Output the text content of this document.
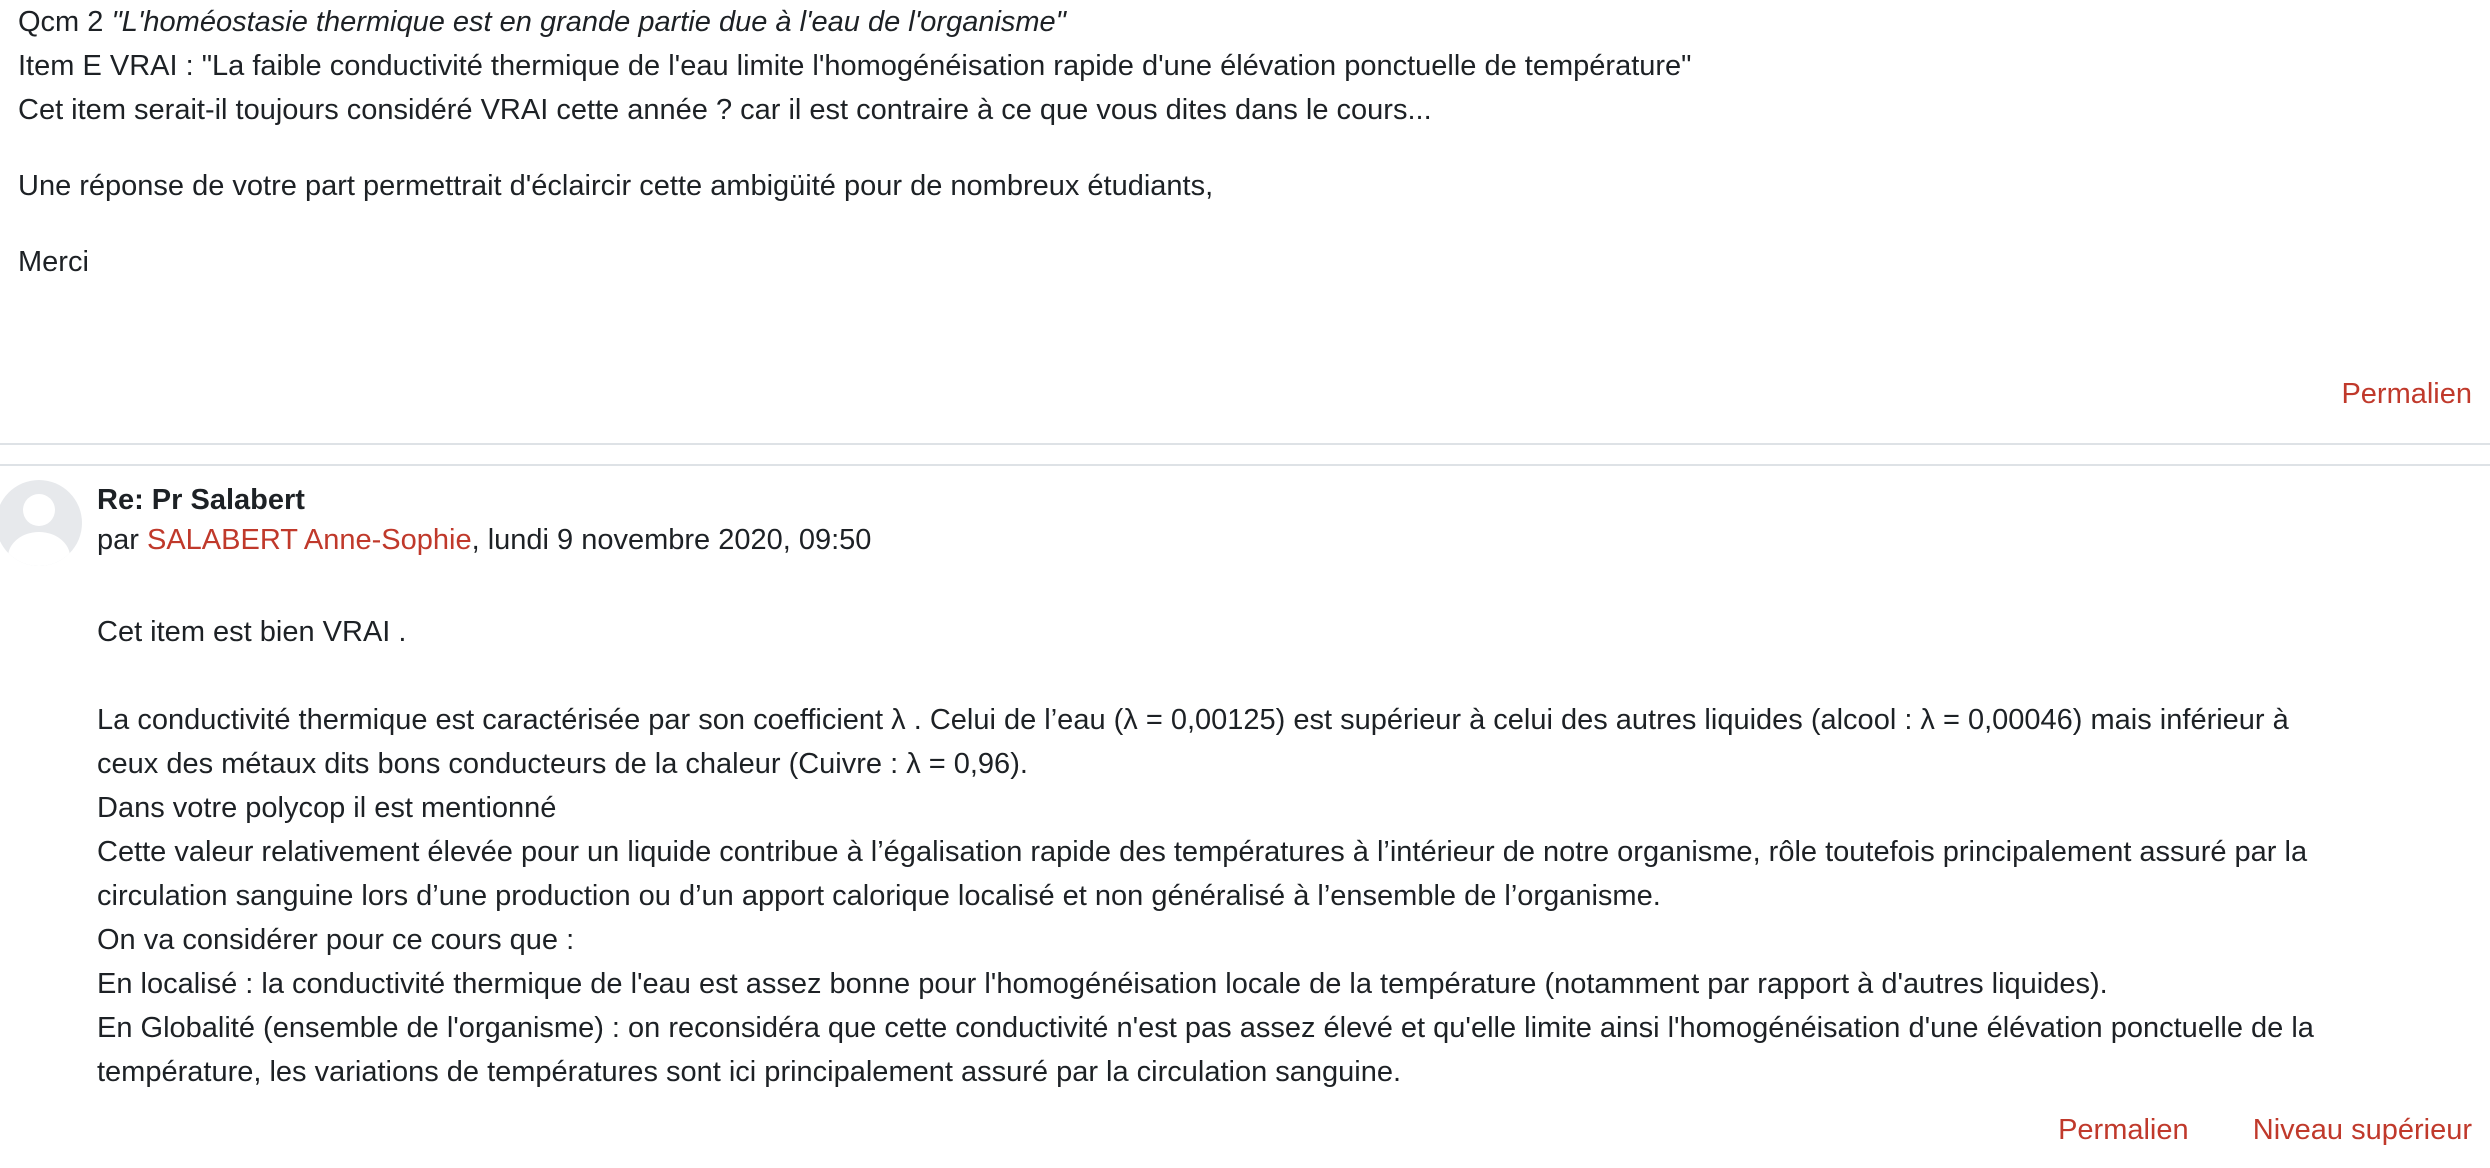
Qcm 2 "L'homéostasie thermique est en grande partie due à l'eau de l'organisme"
Item E VRAI : "La faible conductivité thermique de l'eau limite l'homogénéisation rapide d'une élévation ponctuelle de température"
Cet item serait-il toujours considéré VRAI cette année ? car il est contraire à ce que vous dites dans le cours...
Une réponse de votre part permettrait d'éclaircir cette ambigüité pour de nombreux étudiants,
Merci
Permalien
Re: Pr Salabert
par SALABERT Anne-Sophie, lundi 9 novembre 2020, 09:50
Cet item est bien VRAI .
La conductivité thermique est caractérisée par son coefficient λ . Celui de l’eau (λ = 0,00125) est supérieur à celui des autres liquides (alcool : λ = 0,00046) mais inférieur à
ceux des métaux dits bons conducteurs de la chaleur (Cuivre : λ = 0,96).
Dans votre polycop il est mentionné
Cette valeur relativement élevée pour un liquide contribue à l’égalisation rapide des températures à l’intérieur de notre organisme, rôle toutefois principalement assuré par la
circulation sanguine lors d’une production ou d’un apport calorique localisé et non généralisé à l’ensemble de l’organisme.
On va considérer pour ce cours que :
En localisé : la conductivité thermique de l'eau est assez bonne pour l'homogénéisation locale de la température (notamment par rapport à d'autres liquides).
En Globalité (ensemble de l'organisme) : on reconsidéra que cette conductivité n'est pas assez élevé et qu'elle limite ainsi l'homogénéisation d'une élévation ponctuelle de la
température, les variations de températures sont ici principalement assuré par la circulation sanguine.
Permalien Niveau supérieur
